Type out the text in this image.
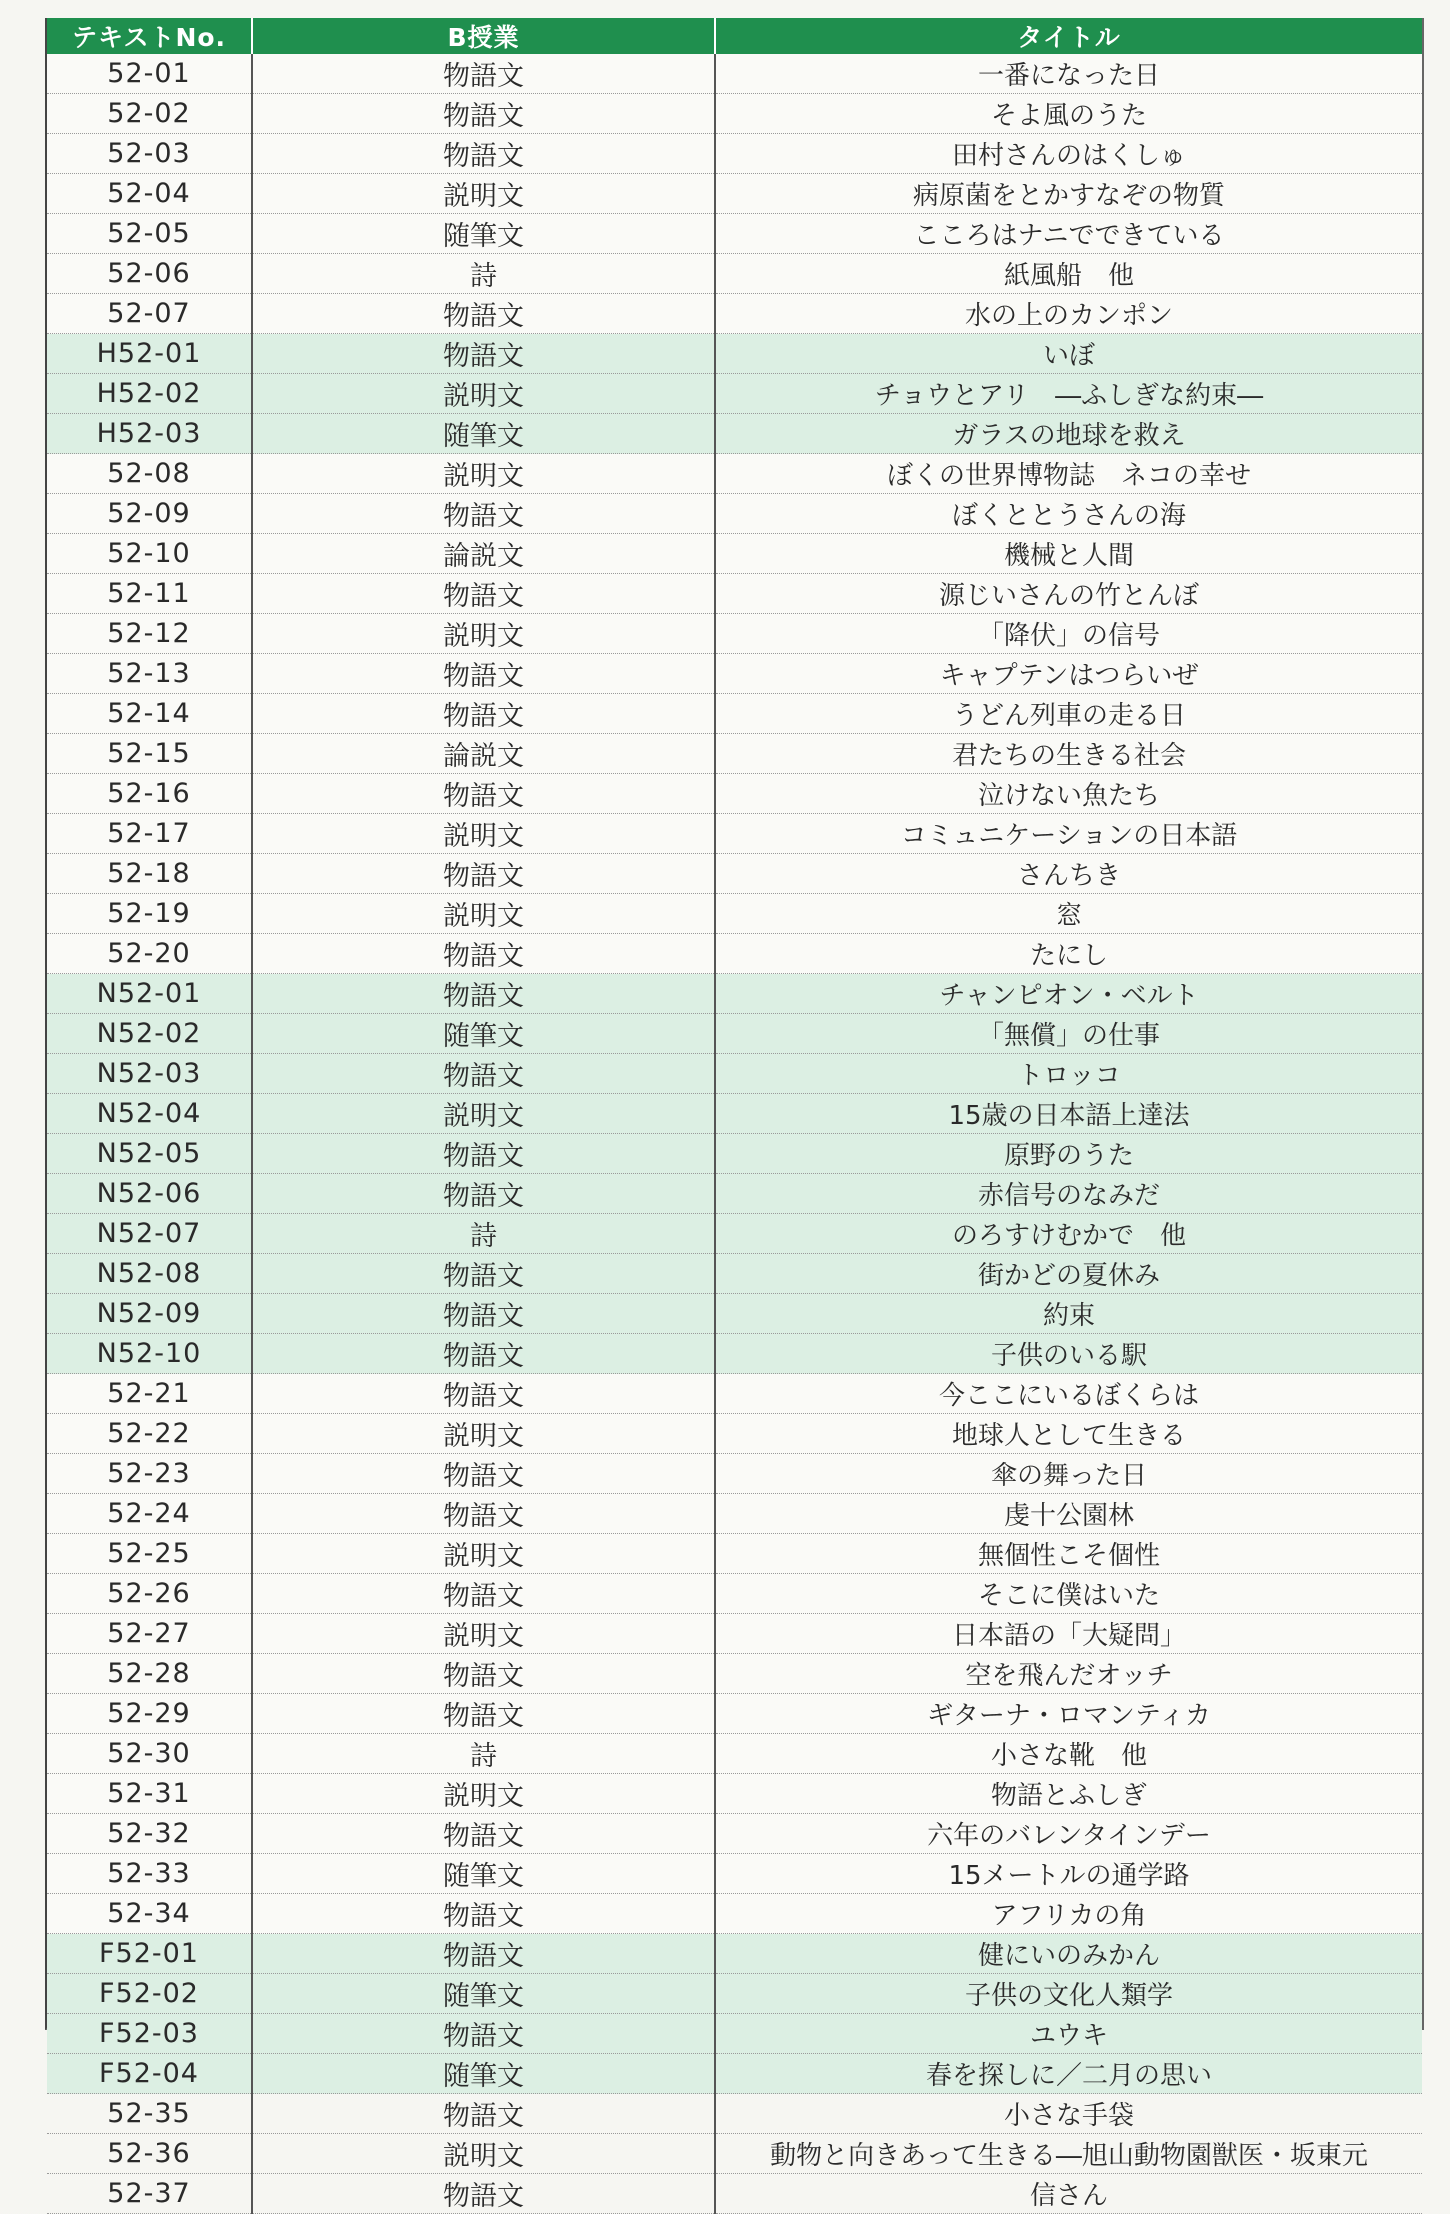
テキストNo.	B授業	タイトル
52-01	物語文	一番になった日
52-02	物語文	そよ風のうた
52-03	物語文	田村さんのはくしゅ
52-04	説明文	病原菌をとかすなぞの物質
52-05	随筆文	こころはナニでできている
52-06	詩	紙風船　他
52-07	物語文	水の上のカンポン
H52-01	物語文	いぼ
H52-02	説明文	チョウとアリ　―ふしぎな約束―
H52-03	随筆文	ガラスの地球を救え
52-08	説明文	ぼくの世界博物誌　ネコの幸せ
52-09	物語文	ぼくととうさんの海
52-10	論説文	機械と人間
52-11	物語文	源じいさんの竹とんぼ
52-12	説明文	「降伏」の信号
52-13	物語文	キャプテンはつらいぜ
52-14	物語文	うどん列車の走る日
52-15	論説文	君たちの生きる社会
52-16	物語文	泣けない魚たち
52-17	説明文	コミュニケーションの日本語
52-18	物語文	さんちき
52-19	説明文	窓
52-20	物語文	たにし
N52-01	物語文	チャンピオン・ベルト
N52-02	随筆文	「無償」の仕事
N52-03	物語文	トロッコ
N52-04	説明文	15歳の日本語上達法
N52-05	物語文	原野のうた
N52-06	物語文	赤信号のなみだ
N52-07	詩	のろすけむかで　他
N52-08	物語文	街かどの夏休み
N52-09	物語文	約束
N52-10	物語文	子供のいる駅
52-21	物語文	今ここにいるぼくらは
52-22	説明文	地球人として生きる
52-23	物語文	傘の舞った日
52-24	物語文	虔十公園林
52-25	説明文	無個性こそ個性
52-26	物語文	そこに僕はいた
52-27	説明文	日本語の「大疑問」
52-28	物語文	空を飛んだオッチ
52-29	物語文	ギターナ・ロマンティカ
52-30	詩	小さな靴　他
52-31	説明文	物語とふしぎ
52-32	物語文	六年のバレンタインデー
52-33	随筆文	15メートルの通学路
52-34	物語文	アフリカの角
F52-01	物語文	健にいのみかん
F52-02	随筆文	子供の文化人類学
F52-03	物語文	ユウキ
F52-04	随筆文	春を探しに／二月の思い
52-35	物語文	小さな手袋
52-36	説明文	動物と向きあって生きる―旭山動物園獣医・坂東元
52-37	物語文	信さん
